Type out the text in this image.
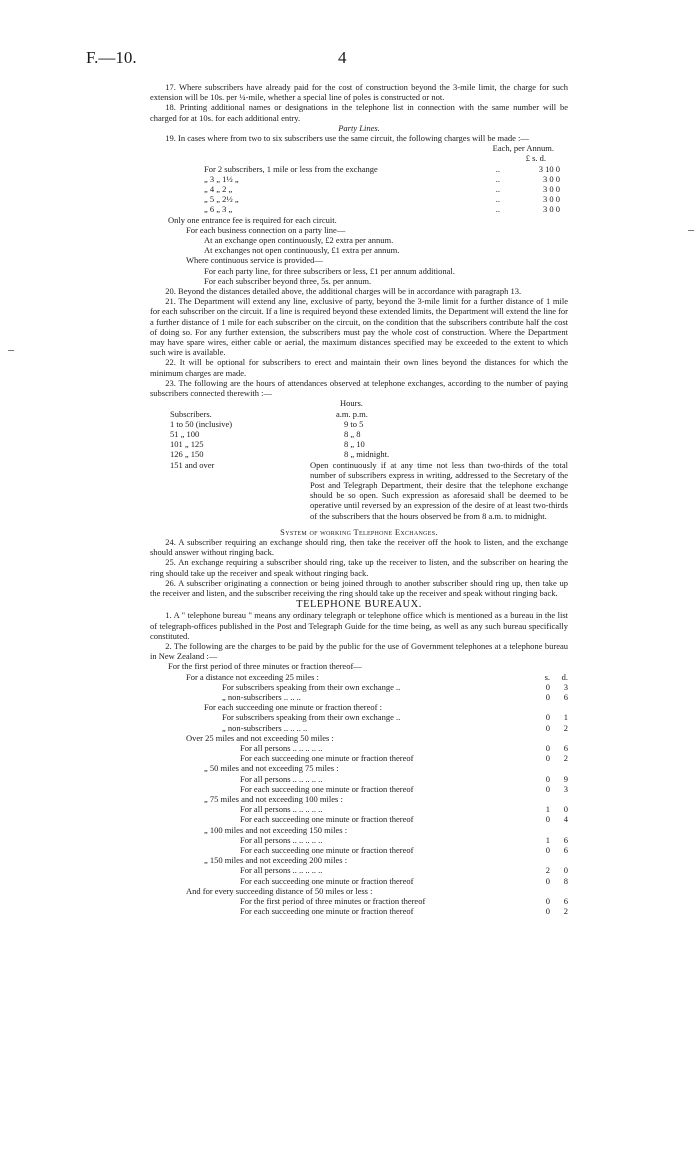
F.—10.	4

17. Where subscribers have already paid for the cost of construction beyond the 3-mile limit, the charge for such extension will be 10s. per ¼-mile, whether a special line of poles is constructed or not.

18. Printing additional names or designations in the telephone list in connection with the same number will be charged for at 10s. for each additional entry.

Party Lines.

19. In cases where from two to six subscribers use the same circuit, the following charges will be made :—

Each, per Annum.
£ s. d.
For 2 subscribers, 1 mile or less from the exchange	..	3 10 0
„ 3 „ 1½ „	..	3 0 0
„ 4 „ 2 „	..	3 0 0
„ 5 „ 2½ „	..	3 0 0
„ 6 „ 3 „	..	3 0 0
Only one entrance fee is required for each circuit.
For each business connection on a party line—
At an exchange open continuously, £2 extra per annum.
At exchanges not open continuously, £1 extra per annum.
Where continuous service is provided—
For each party line, for three subscribers or less, £1 per annum additional.
For each subscriber beyond three, 5s. per annum.

20. Beyond the distances detailed above, the additional charges will be in accordance with paragraph 13.

21. The Department will extend any line, exclusive of party, beyond the 3-mile limit for a further distance of 1 mile for each subscriber on the circuit. If a line is required beyond these extended limits, the Department will extend the line for a further distance of 1 mile for each subscriber on the circuit, on the condition that the subscribers contribute half the cost of doing so. For any further extension, the subscribers must pay the whole cost of construction. Where the Department may have spare wires, either cable or aerial, the maximum distances specified may be exceeded to the extent to which such wire is available.

22. It will be optional for subscribers to erect and maintain their own lines beyond the distances for which the minimum charges are made.

23. The following are the hours of attendances observed at telephone exchanges, according to the number of paying subscribers connected therewith :—

Hours.
Subscribers.	a.m. p.m.
1 to 50 (inclusive)	9 to 5
51 „ 100	8 „ 8
101 „ 125	8 „ 10
126 „ 150	8 „ midnight.
151 and over	Open continuously if at any time not less than two-thirds of the total number of subscribers express in writing, addressed to the Secretary of the Post and Telegraph Department, their desire that the telephone exchange should be so open. Such expression as aforesaid shall be deemed to be operative until reversed by an expression of the desire of at least two-thirds of the subscribers that the hours observed be from 8 a.m. to midnight.

System of working Telephone Exchanges.

24. A subscriber requiring an exchange should ring, then take the receiver off the hook to listen, and the exchange should answer without ringing back.

25. An exchange requiring a subscriber should ring, take up the receiver to listen, and the subscriber on hearing the ring should take up the receiver and speak without ringing back.

26. A subscriber originating a connection or being joined through to another subscriber should ring up, then take up the receiver and listen, and the subscriber receiving the ring should take up the receiver and speak without ringing back.

TELEPHONE BUREAUX.

1. A " telephone bureau " means any ordinary telegraph or telephone office which is mentioned as a bureau in the list of telegraph-offices published in the Post and Telegraph Guide for the time being, as well as any such bureau specifically constituted.

2. The following are the charges to be paid by the public for the use of Government telephones at a telephone bureau in New Zealand :—

For the first period of three minutes or fraction thereof—
For a distance not exceeding 25 miles :	s.	d.
For subscribers speaking from their own exchange ..	0	3
„ non-subscribers .. .. ..	0	6
For each succeeding one minute or fraction thereof :
For subscribers speaking from their own exchange ..	0	1
„ non-subscribers .. .. .. ..	0	2
Over 25 miles and not exceeding 50 miles :
For all persons .. .. .. .. ..	0	6
For each succeeding one minute or fraction thereof	0	2
„ 50 miles and not exceeding 75 miles :
For all persons .. .. .. .. ..	0	9
For each succeeding one minute or fraction thereof	0	3
„ 75 miles and not exceeding 100 miles :
For all persons .. .. .. .. ..	1	0
For each succeeding one minute or fraction thereof	0	4
„ 100 miles and not exceeding 150 miles :
For all persons .. .. .. .. ..	1	6
For each succeeding one minute or fraction thereof	0	6
„ 150 miles and not exceeding 200 miles :
For all persons .. .. .. .. ..	2	0
For each succeeding one minute or fraction thereof	0	8
And for every succeeding distance of 50 miles or less :
For the first period of three minutes or fraction thereof	0	6
For each succeeding one minute or fraction thereof	0	2
